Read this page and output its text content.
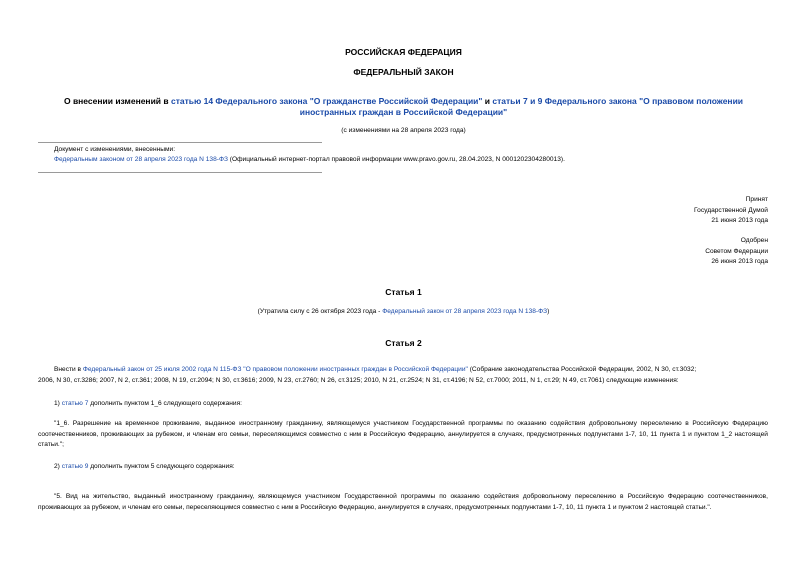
РОССИЙСКАЯ ФЕДЕРАЦИЯ
ФЕДЕРАЛЬНЫЙ ЗАКОН
О внесении изменений в статью 14 Федерального закона "О гражданстве Российской Федерации" и статьи 7 и 9 Федерального закона "О правовом положении
иностранных граждан в Российской Федерации"
(с изменениями на 28 апреля 2023 года)
Документ с изменениями, внесенными:
Федеральным законом от 28 апреля 2023 года N 138-ФЗ (Официальный интернет-портал правовой информации www.pravo.gov.ru, 28.04.2023, N 0001202304280013).
Принят
Государственной Думой
21 июня 2013 года
Одобрен
Советом Федерации
26 июня 2013 года
Статья 1
(Утратила силу с 26 октября 2023 года - Федеральный закон от 28 апреля 2023 года N 138-ФЗ)
Статья 2
Внести в Федеральный закон от 25 июля 2002 года N 115-ФЗ "О правовом положении иностранных граждан в Российской Федерации" (Собрание законодательства Российской Федерации, 2002, N 30, ст.3032;
2006, N 30, ст.3286; 2007, N 2, ст.361; 2008, N 19, ст.2094; N 30, ст.3616; 2009, N 23, ст.2760; N 26, ст.3125; 2010, N 21, ст.2524; N 31, ст.4196; N 52, ст.7000; 2011, N 1, ст.29; N 49, ст.7061) следующие изменения:
1) статью 7 дополнить пунктом 1_6 следующего содержания:
"1_6. Разрешение на временное проживание, выданное иностранному гражданину, являющемуся участником Государственной программы по оказанию содействия добровольному переселению в Российскую Федерацию соотечественников, проживающих за рубежом, и членам его семьи, переселяющимся совместно с ним в Российскую Федерацию, аннулируется в случаях, предусмотренных подпунктами 1-7, 10, 11 пункта 1 и пунктом 1_2 настоящей статьи.";
2) статью 9 дополнить пунктом 5 следующего содержания:
"5. Вид на жительство, выданный иностранному гражданину, являющемуся участником Государственной программы по оказанию содействия добровольному переселению в Российскую Федерацию соотечественников, проживающих за рубежом, и членам его семьи, переселяющимся совместно с ним в Российскую Федерацию, аннулируется в случаях, предусмотренных подпунктами 1-7, 10, 11 пункта 1 и пунктом 2 настоящей статьи.".
